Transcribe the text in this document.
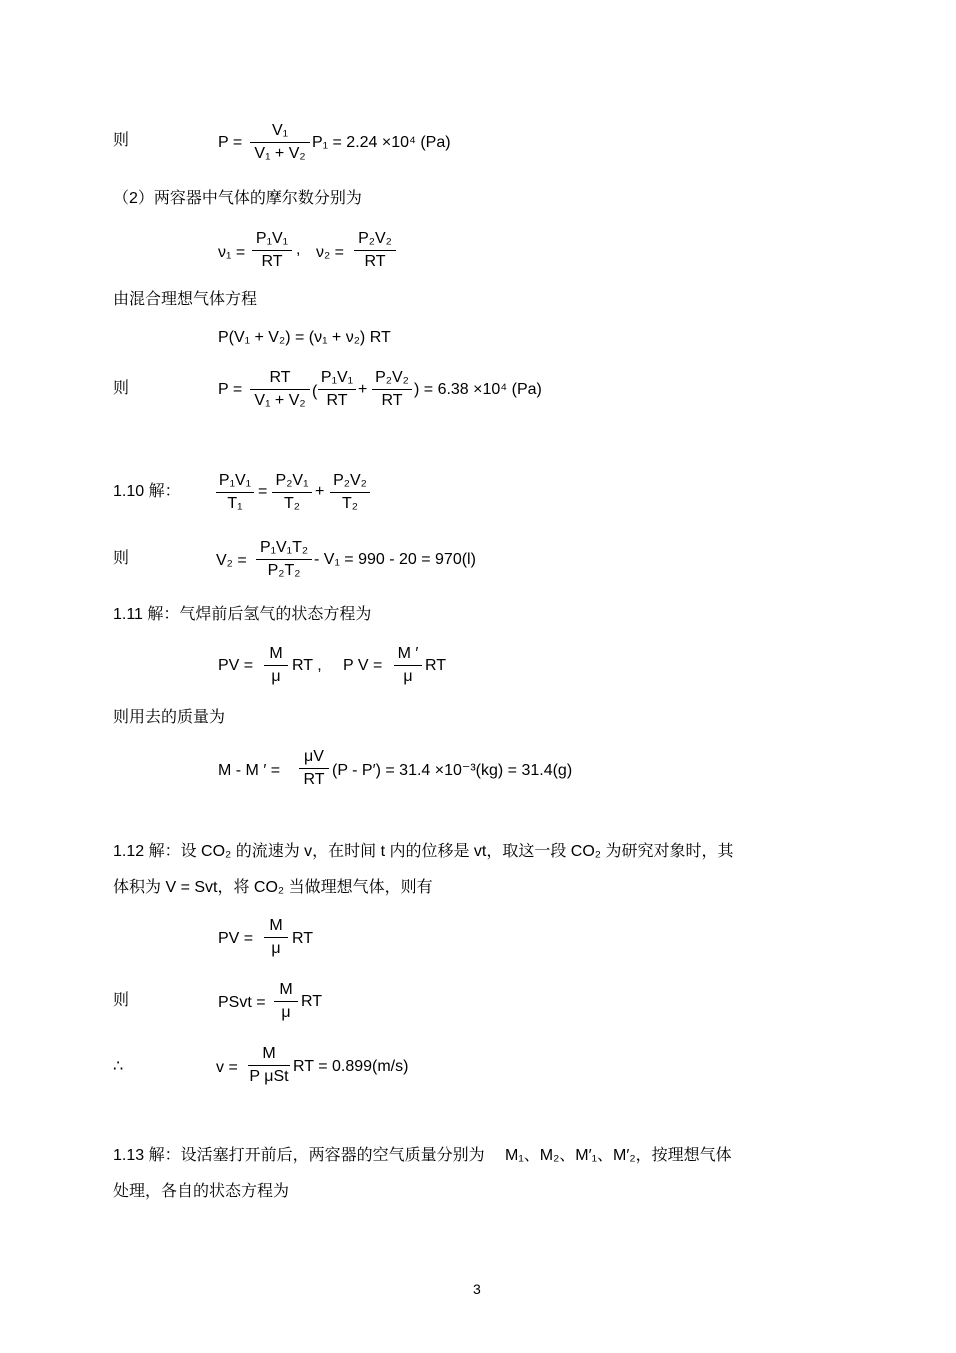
则	P =
V₁
V₁ + V₂
P₁ = 2.24 ×10⁴ (Pa)
（2）两容器中气体的摩尔数分别为
ν₁ =
P₁V₁
RT
, ν₂ =
P₂V₂
RT
由混合理想气体方程
P(V₁ + V₂) = (ν₁ + ν₂) RT
则	P =
RT
V₁ + V₂
(
P₁V₁
RT
+
P₂V₂
RT
) = 6.38 ×10⁴ (Pa)
1.10 解：
P₁V₁
T₁
=
P₂V₁
T₂
+
P₂V₂
T₂
则	V₂ =
P₁V₁T₂
P₂T₂
- V₁ = 990 - 20 = 970(l)
1.11 解：气焊前后氢气的状态方程为
PV =
M
μ
RT , P V =
M ′
μ
RT
则用去的质量为
M - M ′ =
μV
RT
(P - P′) = 31.4 ×10⁻³(kg) = 31.4(g)
1.12 解：设 CO₂ 的流速为 v，在时间 t 内的位移是 vt，取这一段 CO₂ 为研究对象时，其
体积为 V = Svt，将 CO₂ 当做理想气体，则有
PV =
M
μ
RT
则	PSvt =
M
μ
RT
∴	v =
M
P μSt
RT = 0.899(m/s)
1.13 解：设活塞打开前后，两容器的空气质量分别为　 M₁、M₂、M′₁、M′₂，按理想气体
处理，各自的状态方程为
3
